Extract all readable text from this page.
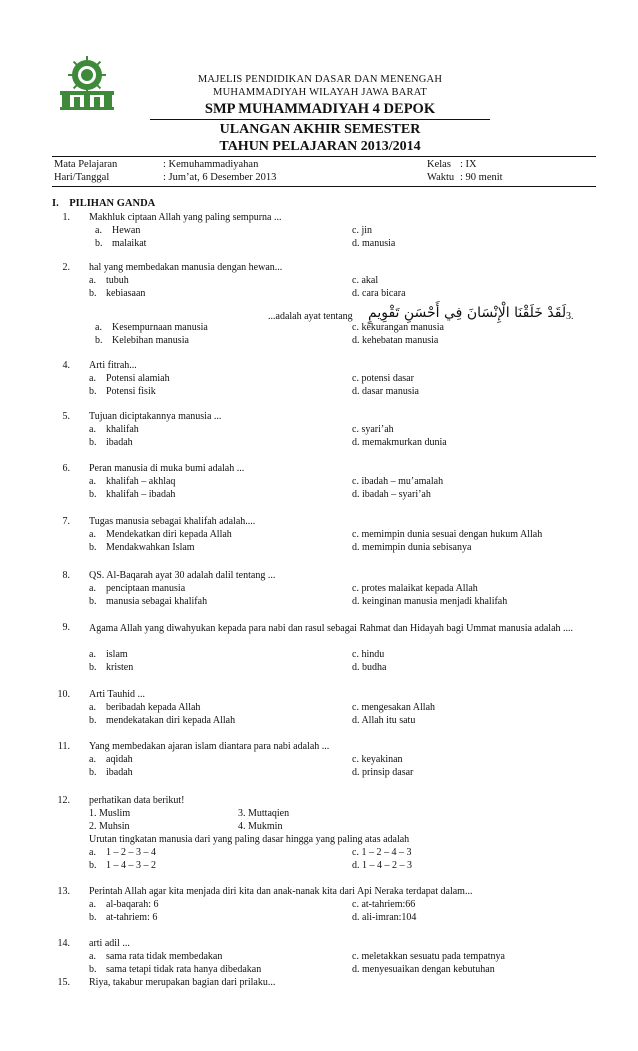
MAJELIS PENDIDIKAN DASAR DAN MENENGAH
MUHAMMADIYAH WILAYAH JAWA BARAT
SMP MUHAMMADIYAH 4 DEPOK
ULANGAN AKHIR SEMESTER
TAHUN PELAJARAN 2013/2014
Mata Pelajaran	: Kemuhammadiyahan	Kelas : IX
Hari/Tanggal	: Jum’at, 6 Desember 2013	Waktu : 90 menit
I.    PILIHAN GANDA
1. Makhluk ciptaan Allah yang paling sempurna ...
a. Hewan
b. malaikat
c. jin
d. manusia
2. hal yang membedakan manusia dengan hewan...
a. tubuh
b. kebiasaan
c. akal
d. cara bicara
...adalah ayat tentang لَقَدْ خَلَقْنَا الْإِنْسَانَ فِي أَحْسَنِ تَقْوِيمٍ 3.
a. Kesempurnaan manusia
b. Kelebihan manusia
c. kekurangan manusia
d. kehebatan manusia
4. Arti fitrah...
a. Potensi alamiah
b. Potensi fisik
c. potensi dasar
d. dasar manusia
5. Tujuan diciptakannya manusia ...
a. khalifah
b. ibadah
c. syari’ah
d. memakmurkan dunia
6. Peran manusia di muka bumi adalah ...
a. khalifah – akhlaq
b. khalifah – ibadah
c. ibadah – mu’amalah
d. ibadah – syari’ah
7. Tugas manusia sebagai khalifah adalah....
a. Mendekatkan diri kepada Allah
b. Mendakwahkan Islam
c. memimpin dunia sesuai dengan hukum Allah
d. memimpin dunia sebisanya
8. QS. Al-Baqarah ayat 30 adalah dalil tentang ...
a. penciptaan manusia
b. manusia sebagai khalifah
c. protes malaikat kepada Allah
d. keinginan manusia menjadi khalifah
9. Agama Allah yang diwahyukan kepada para nabi dan rasul sebagai Rahmat dan Hidayah bagi Ummat manusia adalah ....
a. islam
b. kristen
c. hindu
d. budha
10. Arti Tauhid ...
a. beribadah kepada Allah
b. mendekatakan diri kepada Allah
c. mengesakan Allah
d. Allah itu satu
11. Yang membedakan ajaran islam diantara para nabi adalah ...
a. aqidah
b. ibadah
c. keyakinan
d. prinsip dasar
12. perhatikan data berikut!
1. Muslim
2. Muhsin
3. Muttaqien
4. Mukmin
Urutan tingkatan manusia dari yang paling dasar hingga yang paling atas adalah
a. 1 – 2 – 3 – 4
b. 1 – 4 – 3 – 2
c. 1 – 2 – 4 – 3
d. 1 – 4 – 2 – 3
13. Perintah Allah agar kita menjada diri kita dan anak-nanak kita dari Api Neraka terdapat dalam...
a. al-baqarah: 6
b. at-tahriem: 6
c. at-tahriem:66
d. ali-imran:104
14. arti adil ...
a. sama rata tidak membedakan
b. sama tetapi tidak rata hanya dibedakan
c. meletakkan sesuatu pada tempatnya
d. menyesuaikan dengan kebutuhan
15. Riya, takabur merupakan bagian dari prilaku...
